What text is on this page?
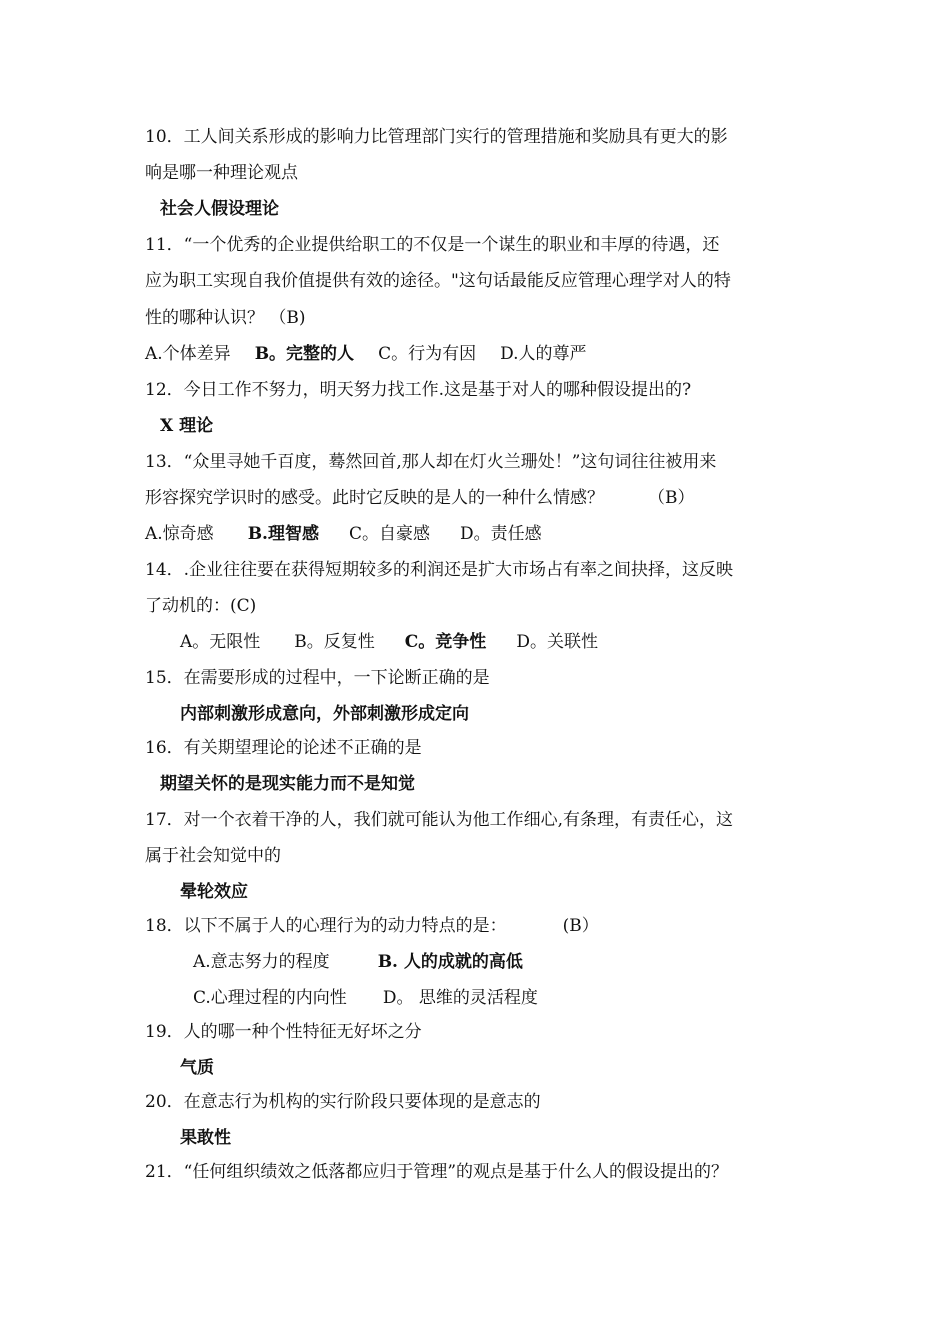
10．工人间关系形成的影响力比管理部门实行的管理措施和奖励具有更大的影
响是哪一种理论观点
社会人假设理论
11．“一个优秀的企业提供给职工的不仅是一个谋生的职业和丰厚的待遇，还
应为职工实现自我价值提供有效的途径。"这句话最能反应管理心理学对人的特
性的哪种认识？ （B)
A.个体差异 B。完整的人 C。行为有因 D.人的尊严
12．今日工作不努力，明天努力找工作.这是基于对人的哪种假设提出的?
X 理论
13．“众里寻她千百度，蓦然回首,那人却在灯火兰珊处！”这句词往往被用来
形容探究学识时的感受。此时它反映的是人的一种什么情感？	（B）
A.惊奇感 B.理智感 C。自豪感 D。责任感
14．.企业往往要在获得短期较多的利润还是扩大市场占有率之间抉择，这反映
了动机的：(C)
A。无限性 B。反复性 C。竞争性 D。关联性
15．在需要形成的过程中，一下论断正确的是
内部刺激形成意向，外部刺激形成定向
16．有关期望理论的论述不正确的是
期望关怀的是现实能力而不是知觉
17．对一个衣着干净的人，我们就可能认为他工作细心,有条理，有责任心，这
属于社会知觉中的
晕轮效应
18．以下不属于人的心理行为的动力特点的是：	(B）
A.意志努力的程度	B. 人的成就的高低
C.心理过程的内向性 D。 思维的灵活程度
19．人的哪一种个性特征无好坏之分
气质
20．在意志行为机构的实行阶段只要体现的是意志的
果敢性
21．“任何组织绩效之低落都应归于管理”的观点是基于什么人的假设提出的？
